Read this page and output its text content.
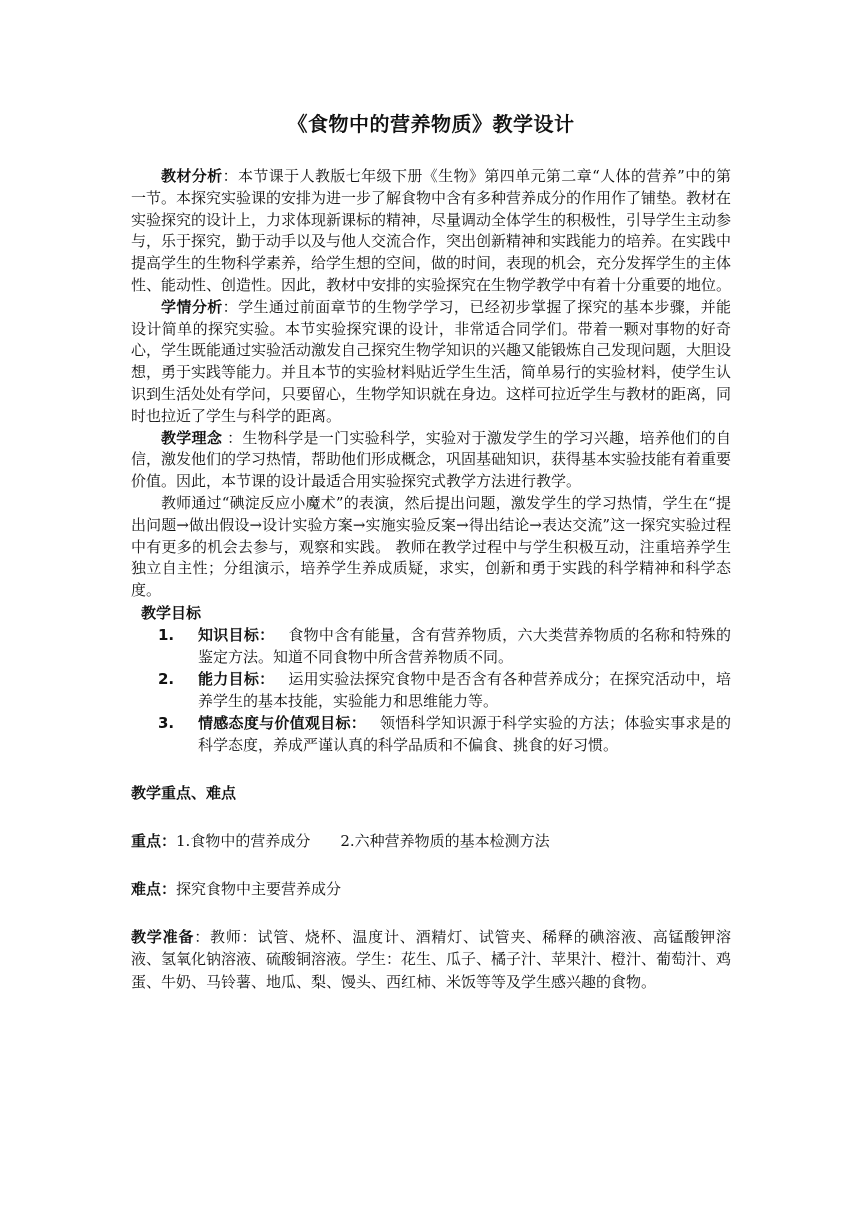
《食物中的营养物质》教学设计

教材分析：本节课于人教版七年级下册《生物》第四单元第二章“人体的营养”中的第一节。本探究实验课的安排为进一步了解食物中含有多种营养成分的作用作了铺垫。教材在实验探究的设计上，力求体现新课标的精神，尽量调动全体学生的积极性，引导学生主动参与，乐于探究，勤于动手以及与他人交流合作，突出创新精神和实践能力的培养。在实践中提高学生的生物科学素养，给学生想的空间，做的时间，表现的机会，充分发挥学生的主体性、能动性、创造性。因此，教材中安排的实验探究在生物学教学中有着十分重要的地位。

学情分析：学生通过前面章节的生物学学习，已经初步掌握了探究的基本步骤，并能设计简单的探究实验。本节实验探究课的设计，非常适合同学们。带着一颗对事物的好奇心，学生既能通过实验活动激发自己探究生物学知识的兴趣又能锻炼自己发现问题，大胆设想，勇于实践等能力。并且本节的实验材料贴近学生生活，简单易行的实验材料，使学生认识到生活处处有学问，只要留心，生物学知识就在身边。这样可拉近学生与教材的距离，同时也拉近了学生与科学的距离。

教学理念 ：生物科学是一门实验科学，实验对于激发学生的学习兴趣，培养他们的自信，激发他们的学习热情，帮助他们形成概念，巩固基础知识，获得基本实验技能有着重要价值。因此，本节课的设计最适合用实验探究式教学方法进行教学。

教师通过“碘淀反应小魔术”的表演，然后提出问题，激发学生的学习热情，学生在“提出问题→做出假设→设计实验方案→实施实验反案→得出结论→表达交流”这一探究实验过程中有更多的机会去参与，观察和实践。 教师在教学过程中与学生积极互动，注重培养学生独立自主性；分组演示，培养学生养成质疑，求实，创新和勇于实践的科学精神和科学态度。

教学目标
1. 知识目标： 食物中含有能量，含有营养物质，六大类营养物质的名称和特殊的鉴定方法。知道不同食物中所含营养物质不同。
2. 能力目标： 运用实验法探究食物中是否含有各种营养成分；在探究活动中，培养学生的基本技能，实验能力和思维能力等。
3. 情感态度与价值观目标： 领悟科学知识源于科学实验的方法；体验实事求是的科学态度，养成严谨认真的科学品质和不偏食、挑食的好习惯。
教学重点、难点

重点：1.食物中的营养成分 2.六种营养物质的基本检测方法

难点：探究食物中主要营养成分

教学准备：教师：试管、烧杯、温度计、酒精灯、试管夹、稀释的碘溶液、高锰酸钾溶液、氢氧化钠溶液、硫酸铜溶液。学生：花生、瓜子、橘子汁、苹果汁、橙汁、葡萄汁、鸡蛋、牛奶、马铃薯、地瓜、梨、馒头、西红柿、米饭等等及学生感兴趣的食物。
